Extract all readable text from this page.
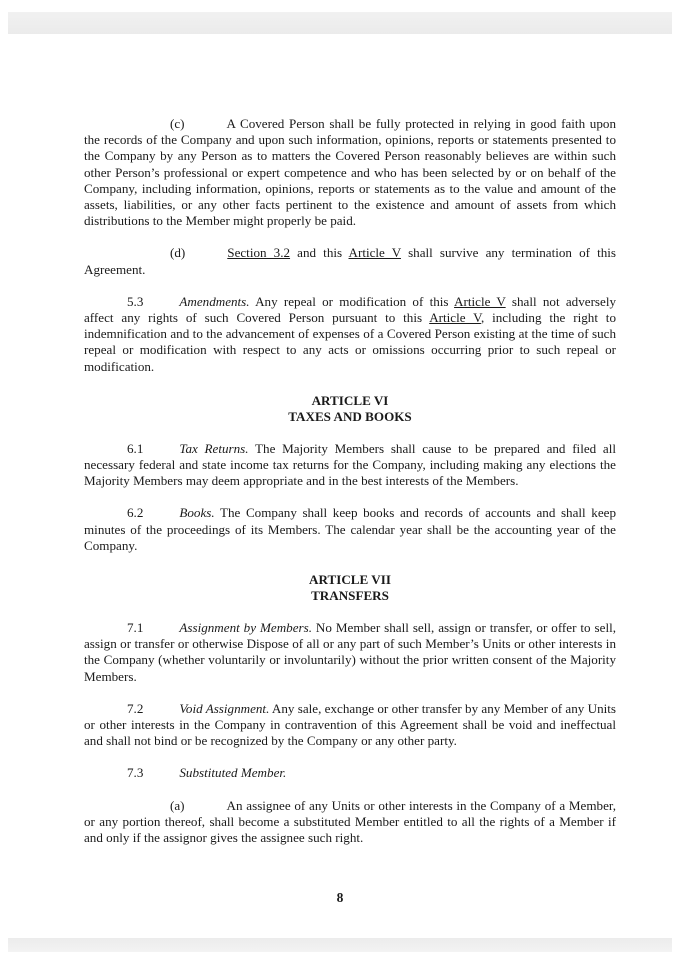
(c)	A Covered Person shall be fully protected in relying in good faith upon the records of the Company and upon such information, opinions, reports or statements presented to the Company by any Person as to matters the Covered Person reasonably believes are within such other Person’s professional or expert competence and who has been selected by or on behalf of the Company, including information, opinions, reports or statements as to the value and amount of the assets, liabilities, or any other facts pertinent to the existence and amount of assets from which distributions to the Member might properly be paid.

(d)	Section 3.2 and this Article V shall survive any termination of this Agreement.

5.3	Amendments. Any repeal or modification of this Article V shall not adversely affect any rights of such Covered Person pursuant to this Article V, including the right to indemnification and to the advancement of expenses of a Covered Person existing at the time of such repeal or modification with respect to any acts or omissions occurring prior to such repeal or modification.

ARTICLE VI
TAXES AND BOOKS

6.1	Tax Returns. The Majority Members shall cause to be prepared and filed all necessary federal and state income tax returns for the Company, including making any elections the Majority Members may deem appropriate and in the best interests of the Members.

6.2	Books. The Company shall keep books and records of accounts and shall keep minutes of the proceedings of its Members. The calendar year shall be the accounting year of the Company.

ARTICLE VII
TRANSFERS

7.1	Assignment by Members. No Member shall sell, assign or transfer, or offer to sell, assign or transfer or otherwise Dispose of all or any part of such Member’s Units or other interests in the Company (whether voluntarily or involuntarily) without the prior written consent of the Majority Members.

7.2	Void Assignment. Any sale, exchange or other transfer by any Member of any Units or other interests in the Company in contravention of this Agreement shall be void and ineffectual and shall not bind or be recognized by the Company or any other party.

7.3	Substituted Member.

(a)	An assignee of any Units or other interests in the Company of a Member, or any portion thereof, shall become a substituted Member entitled to all the rights of a Member if and only if the assignor gives the assignee such right.

8
